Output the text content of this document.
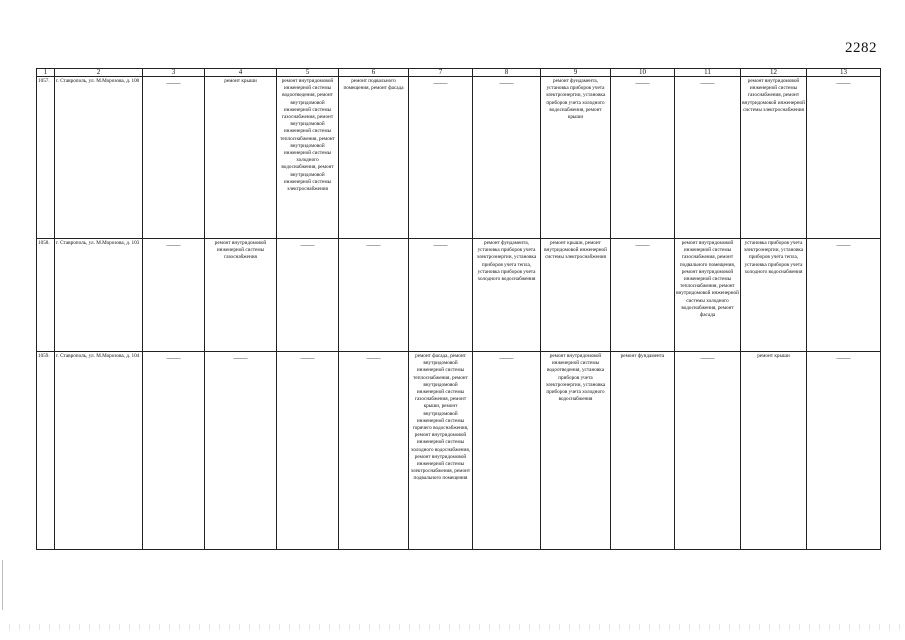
2282
1	2	3	4	5	6	7	8	9	10	11	12	13
1057.	г. Ставрополь, ул. М.Морозова, д. 100	——	ремонт крыши	ремонт внутридомовой инженерной системы водоотведения, ремонт внутридомовой инженерной системы газоснабжения, ремонт внутридомовой инженерной системы теплоснабжения, ремонт внутридомовой инженерной системы холодного водоснабжения, ремонт внутридомовой инженерной системы электроснабжения	ремонт подвального помещения, ремонт фасада	——	——	ремонт фундамента, установка приборов учета электроэнергии, установка приборов учета холодного водоснабжения, ремонт крыши	——	——	ремонт внутридомовой инженерной системы газоснабжения, ремонт внутридомовой инженерной системы электроснабжения	——

1058.	г. Ставрополь, ул. М.Морозова, д. 103	——	ремонт внутридомовой инженерной системы газоснабжения	——	——	——	ремонт фундамента, установка приборов учета электроэнергии, установка приборов учета тепла, установка приборов учета холодного водоснабжения	ремонт крыши, ремонт внутридомовой инженерной системы электроснабжения	——	ремонт внутридомовой инженерной системы газоснабжения, ремонт подвального помещения, ремонт внутридомовой инженерной системы теплоснабжения, ремонт внутридомовой инженерной системы холодного водоснабжения, ремонт фасада	установка приборов учета электроэнергии, установка приборов учета тепла, установка приборов учета холодного водоснабжения	——

1059.	г. Ставрополь, ул. М.Морозова, д. 104	——	——	——	——	ремонт фасада, ремонт внутридомовой инженерной системы теплоснабжения, ремонт внутридомовой инженерной системы газоснабжения, ремонт крыши, ремонт внутридомовой инженерной системы горячего водоснабжения, ремонт внутридомовой инженерной системы холодного водоснабжения, ремонт внутридомовой инженерной системы электроснабжения, ремонт подвального помещения	——	ремонт внутридомовой инженерной системы водоотведения, установка приборов учета электроэнергии, установка приборов учета холодного водоснабжения	ремонт фундамента	——	ремонт крыши	——
